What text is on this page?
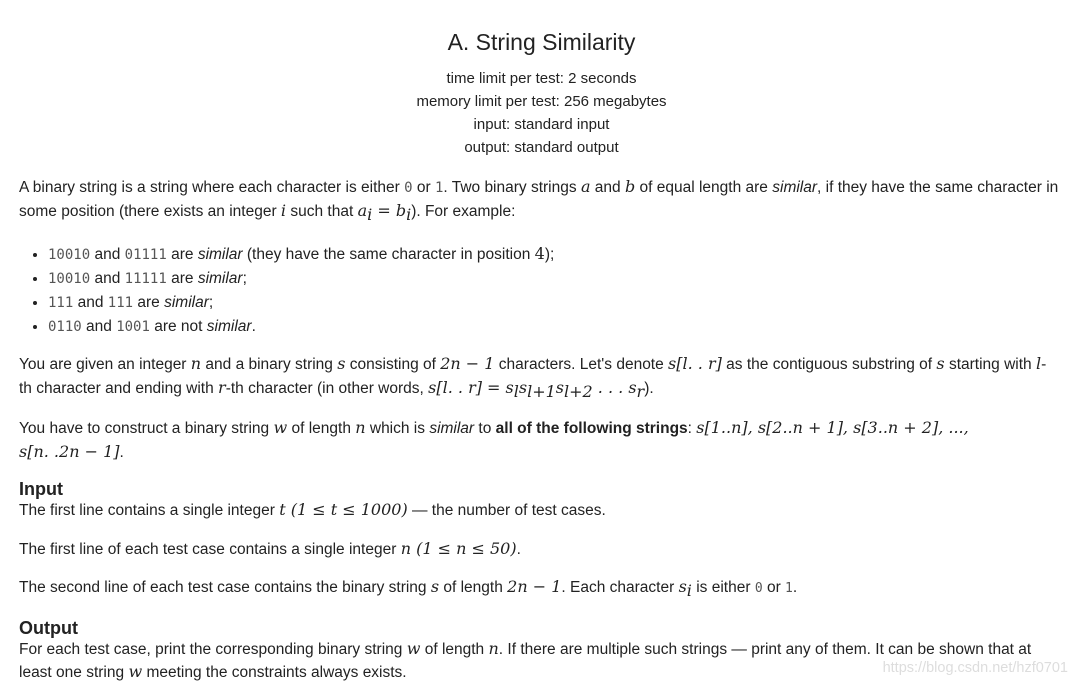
A. String Similarity
time limit per test: 2 seconds
memory limit per test: 256 megabytes
input: standard input
output: standard output

A binary string is a string where each character is either 0 or 1. Two binary strings a and b of equal length are similar, if they have the same character in some position (there exists an integer i such that $a_i = b_i$). For example:

• 10010 and 01111 are similar (they have the same character in position 4);
• 10010 and 11111 are similar;
• 111 and 111 are similar;
• 0110 and 1001 are not similar.

You are given an integer n and a binary string s consisting of 2n − 1 characters. Let's denote s[l. . r] as the contiguous substring of s starting with l-
th character and ending with r-th character (in other words, s[l. . $r] = s_ls_{l+1}s_{l+2}$ . . . $s_r$).

You have to construct a binary string w of length n which is similar to all of the following strings: s[1..n], s[2..n + 1], s[3..n + 2], ...,
s[n. .2n − 1].

Input

The first line contains a single integer t (1 ≤ t ≤ 1000) — the number of test cases.

The first line of each test case contains a single integer n (1 ≤ n ≤ 50).

The second line of each test case contains the binary string s of length 2n − 1. Each character $s_i$ is either 0 or 1.

Output

For each test case, print the corresponding binary string w of length n. If there are multiple such strings — print any of them. It can be shown that at least one string w meeting the constraints always exists.	https://blog.csdn.net/hzf0701
